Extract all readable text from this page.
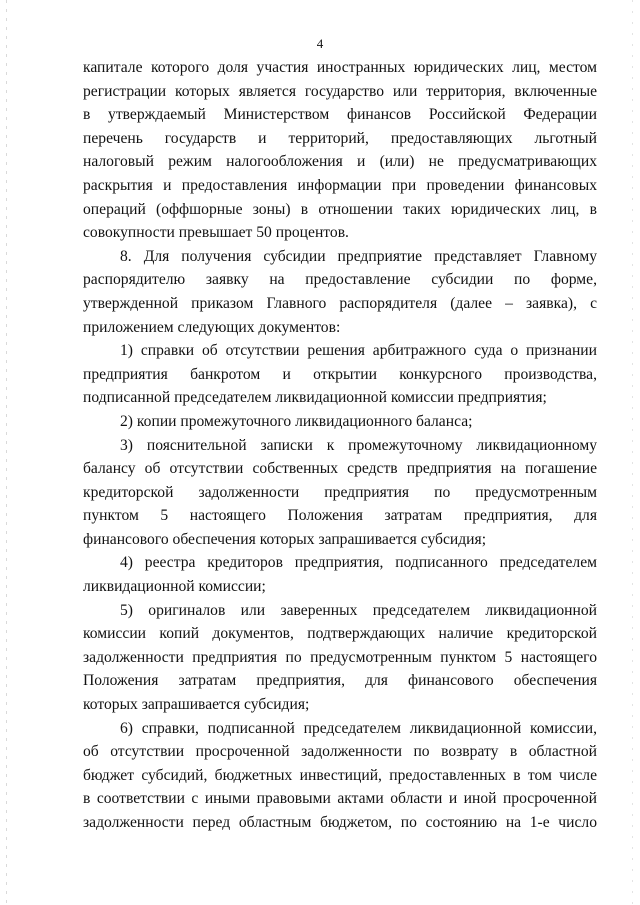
4
капитале которого доля участия иностранных юридических лиц, местом
регистрации которых является государство или территория, включенные
в утверждаемый Министерством финансов Российской Федерации
перечень государств и территорий, предоставляющих льготный
налоговый режим налогообложения и (или) не предусматривающих
раскрытия и предоставления информации при проведении финансовых
операций (оффшорные зоны) в отношении таких юридических лиц, в
совокупности превышает 50 процентов.
8. Для получения субсидии предприятие представляет Главному
распорядителю заявку на предоставление субсидии по форме,
утвержденной приказом Главного распорядителя (далее – заявка), с
приложением следующих документов:
1) справки об отсутствии решения арбитражного суда о признании
предприятия банкротом и открытии конкурсного производства,
подписанной председателем ликвидационной комиссии предприятия;
2) копии промежуточного ликвидационного баланса;
3) пояснительной записки к промежуточному ликвидационному
балансу об отсутствии собственных средств предприятия на погашение
кредиторской задолженности предприятия по предусмотренным
пунктом 5 настоящего Положения затратам предприятия, для
финансового обеспечения которых запрашивается субсидия;
4) реестра кредиторов предприятия, подписанного председателем
ликвидационной комиссии;
5) оригиналов или заверенных председателем ликвидационной
комиссии копий документов, подтверждающих наличие кредиторской
задолженности предприятия по предусмотренным пунктом 5 настоящего
Положения затратам предприятия, для финансового обеспечения
которых запрашивается субсидия;
6) справки, подписанной председателем ликвидационной комиссии,
об отсутствии просроченной задолженности по возврату в областной
бюджет субсидий, бюджетных инвестиций, предоставленных в том числе
в соответствии с иными правовыми актами области и иной просроченной
задолженности перед областным бюджетом, по состоянию на 1-е число
